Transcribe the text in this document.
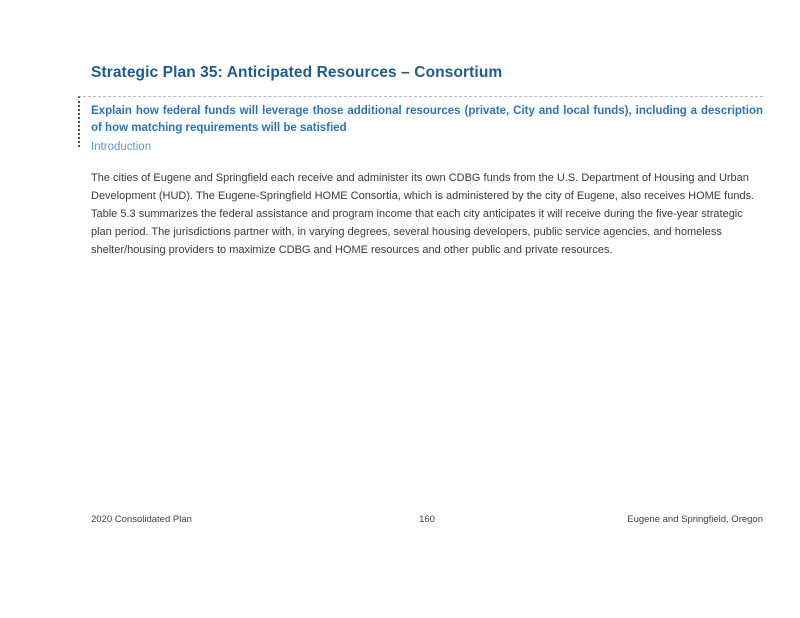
Strategic Plan 35: Anticipated Resources – Consortium

Explain how federal funds will leverage those additional resources (private, City and local funds), including a description of how matching requirements will be satisfied

Introduction

The cities of Eugene and Springfield each receive and administer its own CDBG funds from the U.S. Department of Housing and Urban Development (HUD). The Eugene-Springfield HOME Consortia, which is administered by the city of Eugene, also receives HOME funds. Table 5.3 summarizes the federal assistance and program income that each city anticipates it will receive during the five-year strategic plan period. The jurisdictions partner with, in varying degrees, several housing developers, public service agencies, and homeless shelter/housing providers to maximize CDBG and HOME resources and other public and private resources.

2020 Consolidated Plan	160	Eugene and Springfield, Oregon
